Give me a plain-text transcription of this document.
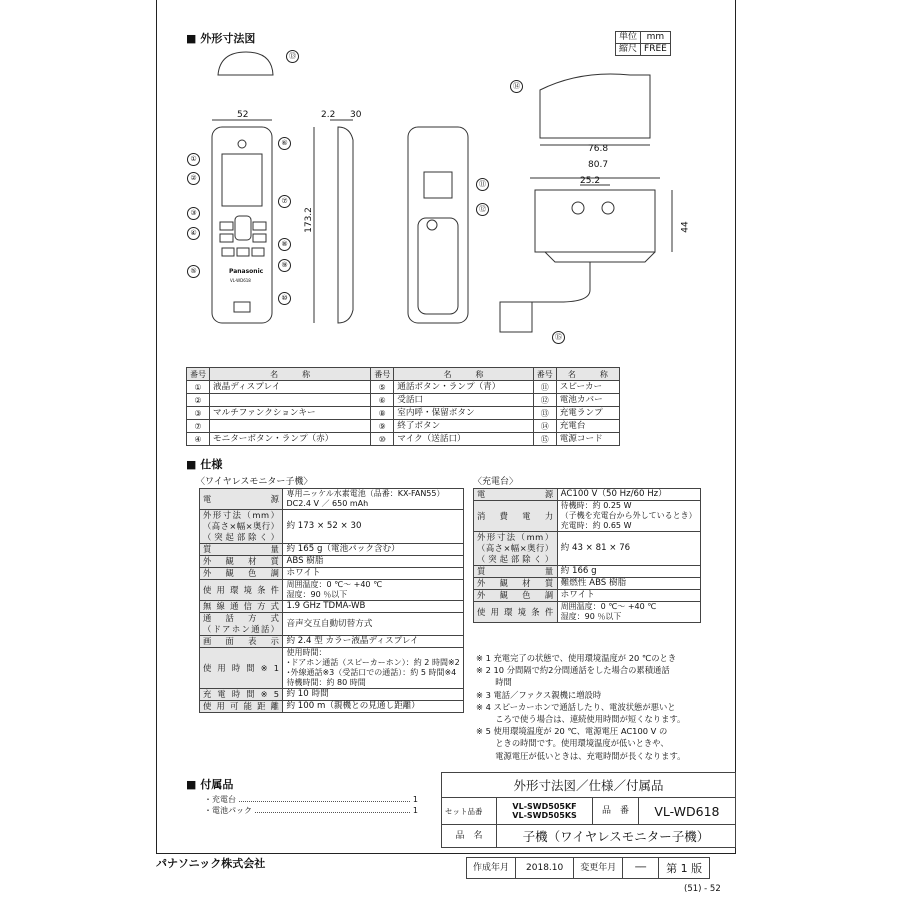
■ 外形寸法図	単位	mm
縮尺	FREE
52	2.2 30
173.2
76.8
80.7
25.2
44
Panasonic
VL-WD618
①
②
③
④
⑤
⑥
⑦
⑧
⑨
⑩
⑪
⑫
⑬
⑭
⑮
番号	名　　　称	番号	名　　　称	番号	名　　　称
①	液晶ディスプレイ	⑤	通話ボタン・ランプ（青）	⑪	スピーカー
②		⑥	受話口	⑫	電池カバー
③	マルチファンクションキー	⑧	室内呼・保留ボタン	⑬	充電ランプ
⑦		⑨	終了ボタン	⑭	充電台
④	モニターボタン・ランプ（赤）	⑩	マイク（送話口）	⑮	電源コード
■ 仕様
〈ワイヤレスモニター子機〉	〈充電台〉
電源	専用ニッケル水素電池（品番：KX-FAN55）
DC2.4 V ／ 650 mAh
外形寸法（mm）
（高さ×幅×奥行）
（突起部除く）	約 173 × 52 × 30
質量	約 165 g（電池パック含む）
外観材質	ABS 樹脂
外観色調	ホワイト
使用環境条件	周囲温度：0 ℃～ +40 ℃
湿度：90 ％以下
無線通信方式	1.9 GHz TDMA-WB
通話方式
（ドアホン通話）	音声交互自動切替方式
画面表示	約 2.4 型 カラー液晶ディスプレイ
使用時間※1	使用時間：
･ドアホン通話（スピーカーホン）：約 2 時間※2
･外線通話※3（受話口での通話）：約 5 時間※4
待機時間：約 80 時間
充電時間※5	約 10 時間
使用可能距離	約 100 m（親機との見通し距離）
電源	AC100 V（50 Hz/60 Hz）
消費電力	待機時：約 0.25 W
（子機を充電台から外しているとき）
充電時：約 0.65 W
外形寸法（mm）
（高さ×幅×奥行）
（突起部除く）	約 43 × 81 × 76
質量	約 166 g
外観材質	難燃性 ABS 樹脂
外観色調	ホワイト
使用環境条件	周囲温度：0 ℃～ +40 ℃
湿度：90 ％以下
※ 1 充電完了の状態で、使用環境温度が 20 ℃のとき
※ 2 10 分間隔で約2分間通話をした場合の累積通話
　　 時間
※ 3 電話／ファクス親機に増設時
※ 4 スピーカーホンで通話したり、電波状態が悪いと
　　 ころで使う場合は、連続使用時間が短くなります。
※ 5 使用環境温度が 20 ℃、電源電圧 AC100 V の
　　 ときの時間です。使用環境温度が低いときや、
　　 電源電圧が低いときは、充電時間が長くなります。
■ 付属品
・充電台	1
・電池パック	1
パナソニック株式会社
外形寸法図／仕様／付属品			
セット品番	VL-SWD505KF
VL-SWD505KS	品　番	VL-WD618
品　名	子機（ワイヤレスモニター子機）		
作成年月	2018.10	変更年月	──	第 1 版
(51) - 52
